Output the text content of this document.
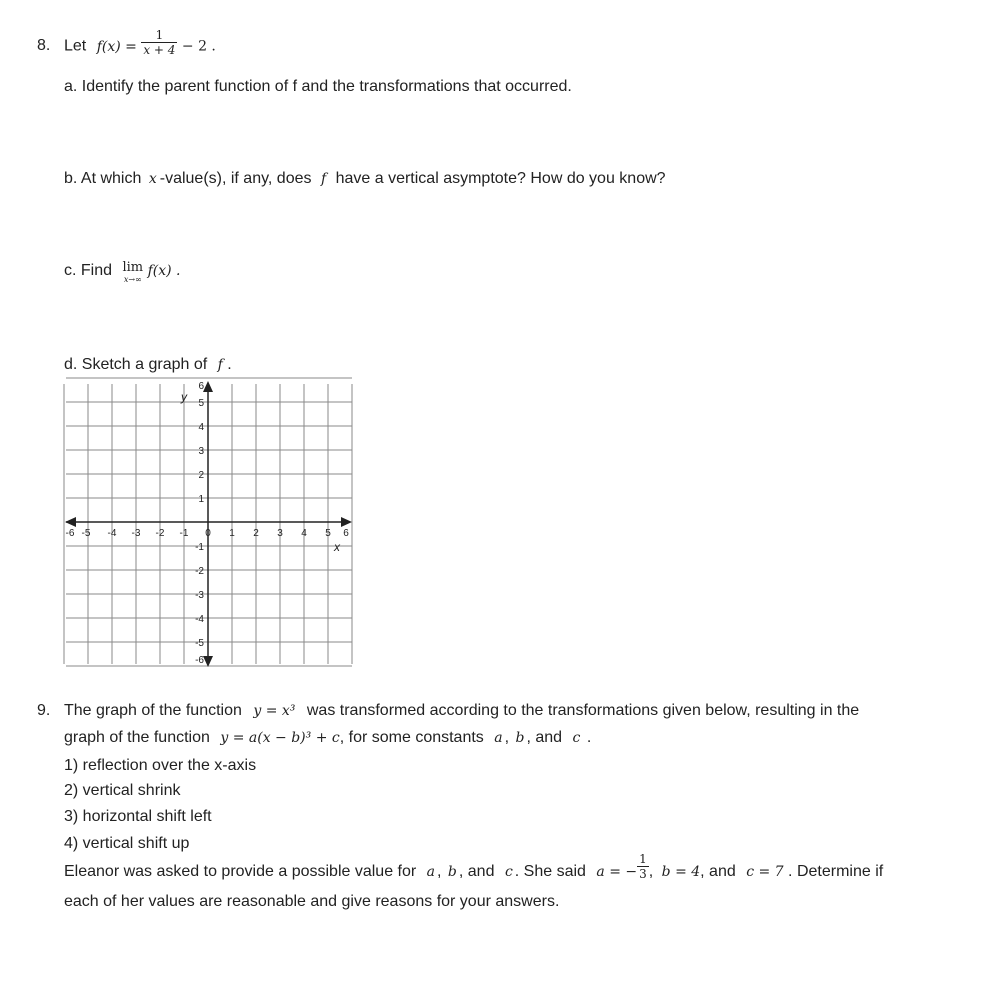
8. Let $f(x) = \frac{1}{x + 4} - 2$ .
a. Identify the parent function of f and the transformations that occurred.
b. At which x -value(s), if any, does f have a vertical asymptote? How do you know?
c. Find lim
x→∞
f(x) .
d. Sketch a graph of f .
-6 -5 -4 -3 -2 -1 0 1 2 3 4 5 6
6
5
4
3
2
1
-1
-2
-3
-4
-5
-6
y
x
9. The graph of the function y = x³ was transformed according to the transformations given below, resulting in the
graph of the function y = a(x − b)³ + c, for some constants a , b , and c .
1) reflection over the x-axis
2) vertical shrink
3) horizontal shift left
4) vertical shift up
Eleanor was asked to provide a possible value for a , b , and c . She said a = − $\frac{1}{3}$ , b = 4, and c = 7 . Determine if
each of her values are reasonable and give reasons for your answers.
